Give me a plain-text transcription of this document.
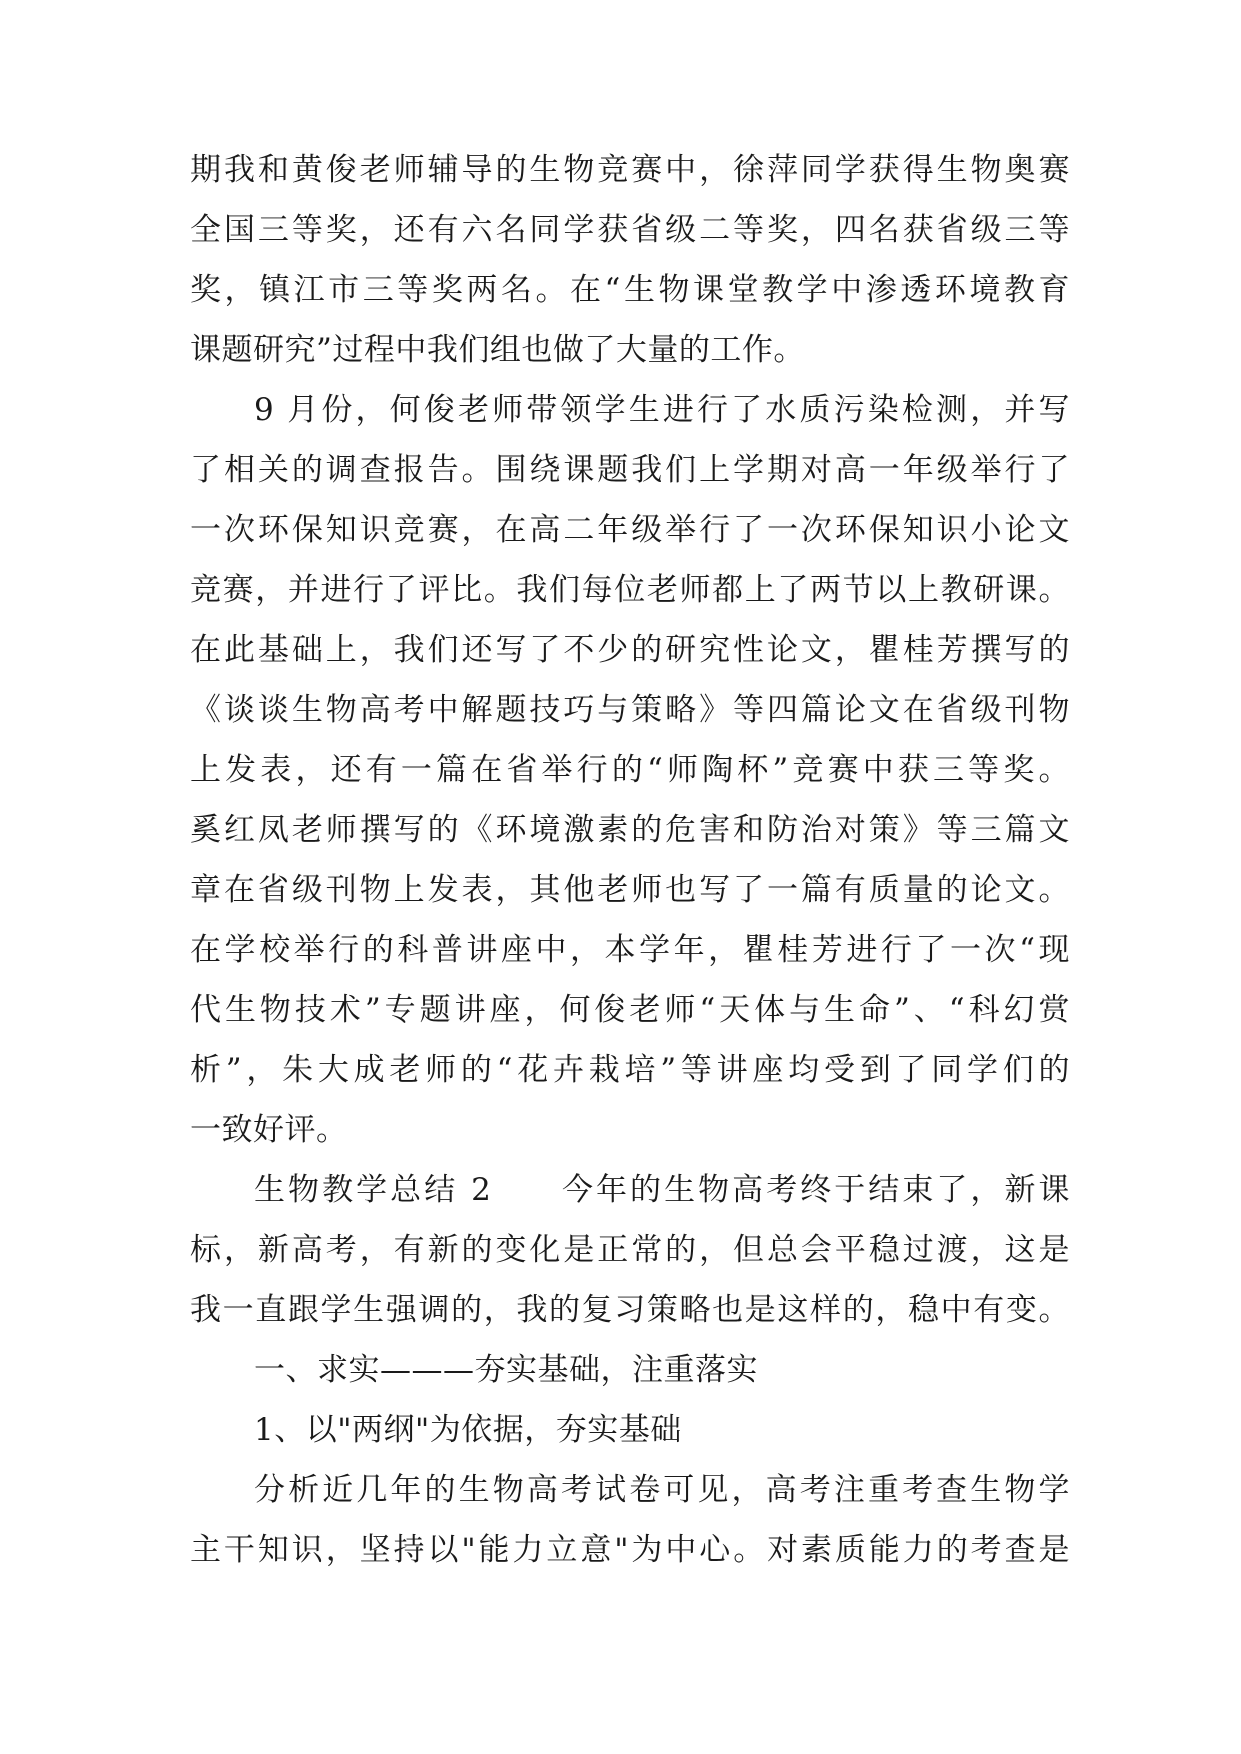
期我和黄俊老师辅导的生物竞赛中，徐萍同学获得生物奥赛
全国三等奖，还有六名同学获省级二等奖，四名获省级三等
奖，镇江市三等奖两名。在“生物课堂教学中渗透环境教育
课题研究”过程中我们组也做了大量的工作。
9 月份，何俊老师带领学生进行了水质污染检测，并写
了相关的调查报告。围绕课题我们上学期对高一年级举行了
一次环保知识竞赛，在高二年级举行了一次环保知识小论文
竞赛，并进行了评比。我们每位老师都上了两节以上教研课。
在此基础上，我们还写了不少的研究性论文，瞿桂芳撰写的
《谈谈生物高考中解题技巧与策略》等四篇论文在省级刊物
上发表，还有一篇在省举行的“师陶杯”竞赛中获三等奖。
奚红凤老师撰写的《环境激素的危害和防治对策》等三篇文
章在省级刊物上发表，其他老师也写了一篇有质量的论文。
在学校举行的科普讲座中，本学年，瞿桂芳进行了一次“现
代生物技术”专题讲座，何俊老师“天体与生命”、“科幻赏
析”，朱大成老师的“花卉栽培”等讲座均受到了同学们的
一致好评。
生物教学总结 2　　今年的生物高考终于结束了，新课
标，新高考，有新的变化是正常的，但总会平稳过渡，这是
我一直跟学生强调的，我的复习策略也是这样的，稳中有变。
一、求实———夯实基础，注重落实
1、以"两纲"为依据，夯实基础
分析近几年的生物高考试卷可见，高考注重考查生物学
主干知识，坚持以"能力立意"为中心。对素质能力的考查是
